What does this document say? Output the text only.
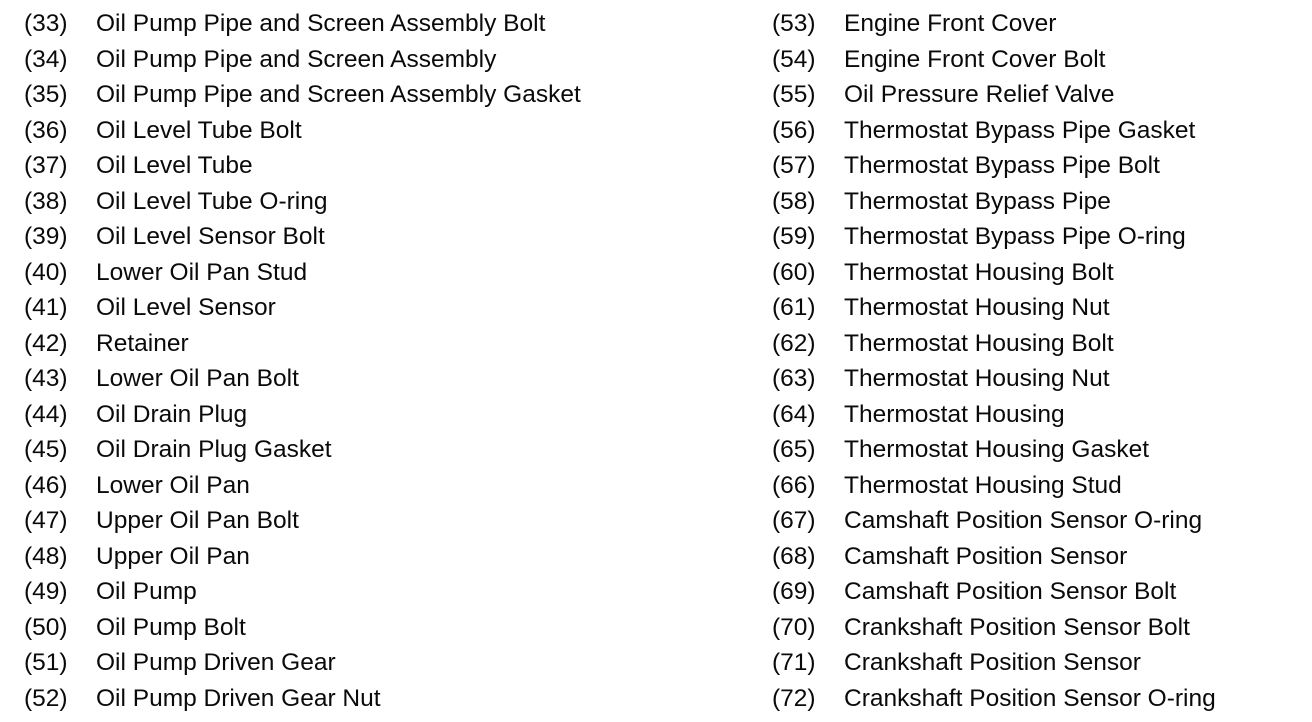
(33)	Oil Pump Pipe and Screen Assembly Bolt
(34)	Oil Pump Pipe and Screen Assembly
(35)	Oil Pump Pipe and Screen Assembly Gasket
(36)	Oil Level Tube Bolt
(37)	Oil Level Tube
(38)	Oil Level Tube O-ring
(39)	Oil Level Sensor Bolt
(40)	Lower Oil Pan Stud
(41)	Oil Level Sensor
(42)	Retainer
(43)	Lower Oil Pan Bolt
(44)	Oil Drain Plug
(45)	Oil Drain Plug Gasket
(46)	Lower Oil Pan
(47)	Upper Oil Pan Bolt
(48)	Upper Oil Pan
(49)	Oil Pump
(50)	Oil Pump Bolt
(51)	Oil Pump Driven Gear
(52)	Oil Pump Driven Gear Nut
(53)	Engine Front Cover
(54)	Engine Front Cover Bolt
(55)	Oil Pressure Relief Valve
(56)	Thermostat Bypass Pipe Gasket
(57)	Thermostat Bypass Pipe Bolt
(58)	Thermostat Bypass Pipe
(59)	Thermostat Bypass Pipe O-ring
(60)	Thermostat Housing Bolt
(61)	Thermostat Housing Nut
(62)	Thermostat Housing Bolt
(63)	Thermostat Housing Nut
(64)	Thermostat Housing
(65)	Thermostat Housing Gasket
(66)	Thermostat Housing Stud
(67)	Camshaft Position Sensor O-ring
(68)	Camshaft Position Sensor
(69)	Camshaft Position Sensor Bolt
(70)	Crankshaft Position Sensor Bolt
(71)	Crankshaft Position Sensor
(72)	Crankshaft Position Sensor O-ring
